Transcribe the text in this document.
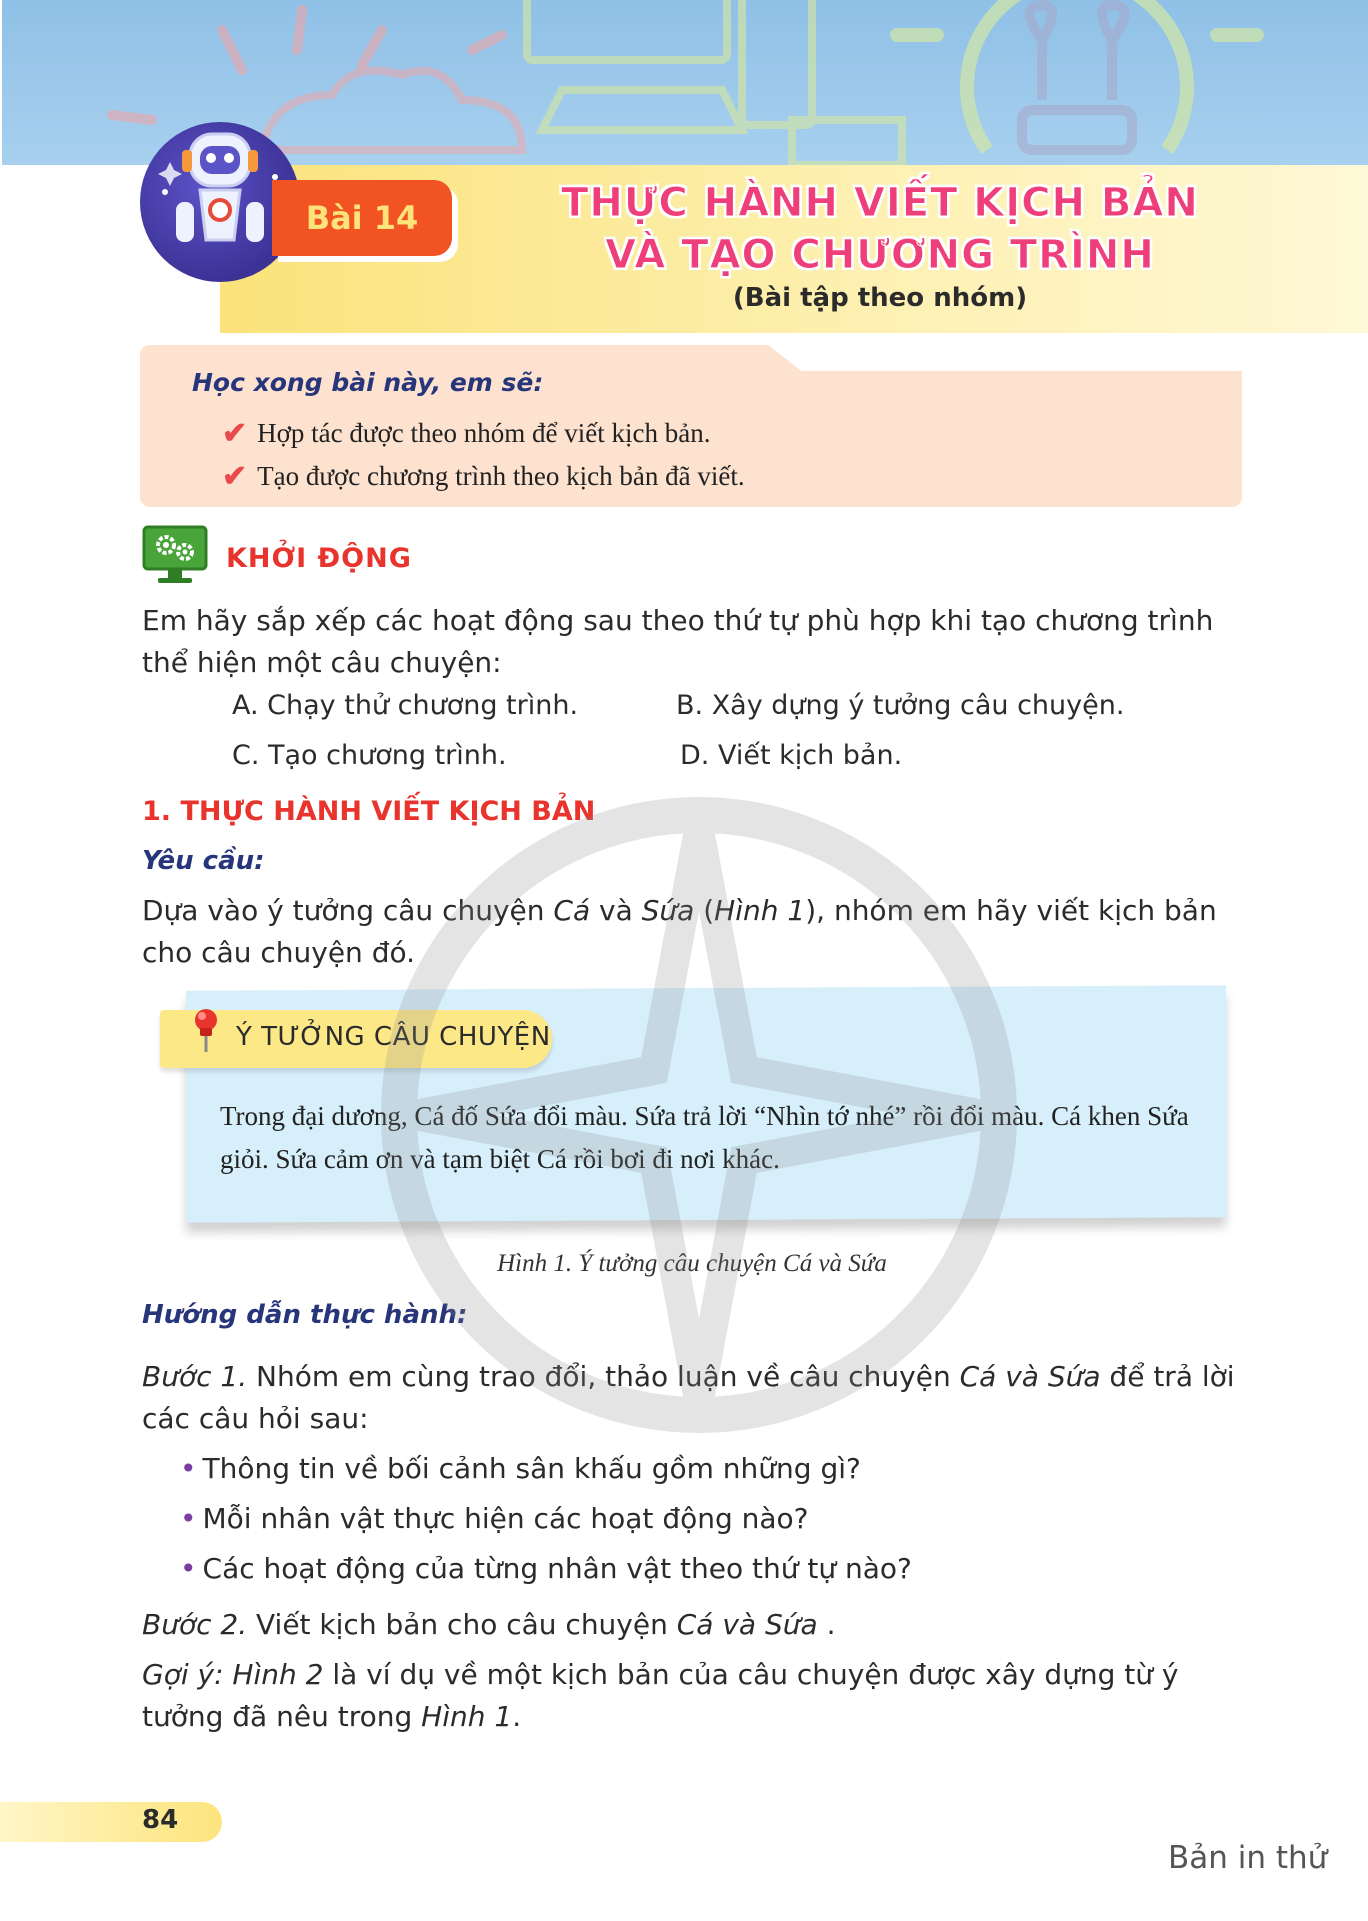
Bài 14	THỰC HÀNH VIẾT KỊCH BẢN
VÀ TẠO CHƯƠNG TRÌNH
(Bài tập theo nhóm)
Học xong bài này, em sẽ:
✔ Hợp tác được theo nhóm để viết kịch bản.
✔ Tạo được chương trình theo kịch bản đã viết.
KHỞI ĐỘNG
Em hãy sắp xếp các hoạt động sau theo thứ tự phù hợp khi tạo chương trình thể hiện một câu chuyện:
A. Chạy thử chương trình.	B. Xây dựng ý tưởng câu chuyện.
C. Tạo chương trình.	D. Viết kịch bản.
1. THỰC HÀNH VIẾT KỊCH BẢN
Yêu cầu:
Dựa vào ý tưởng câu chuyện Cá và Sứa (Hình 1), nhóm em hãy viết kịch bản cho câu chuyện đó.
Ý TƯỞNG CÂU CHUYỆN
Trong đại dương, Cá đố Sứa đổi màu. Sứa trả lời “Nhìn tớ nhé” rồi đổi màu. Cá khen Sứa giỏi. Sứa cảm ơn và tạm biệt Cá rồi bơi đi nơi khác.
Hình 1. Ý tưởng câu chuyện Cá và Sứa
Hướng dẫn thực hành:
Bước 1. Nhóm em cùng trao đổi, thảo luận về câu chuyện Cá và Sứa để trả lời các câu hỏi sau:
• Thông tin về bối cảnh sân khấu gồm những gì?
• Mỗi nhân vật thực hiện các hoạt động nào?
• Các hoạt động của từng nhân vật theo thứ tự nào?
Bước 2. Viết kịch bản cho câu chuyện Cá và Sứa .
Gợi ý: Hình 2 là ví dụ về một kịch bản của câu chuyện được xây dựng từ ý tưởng đã nêu trong Hình 1.
84
Bản in thử
